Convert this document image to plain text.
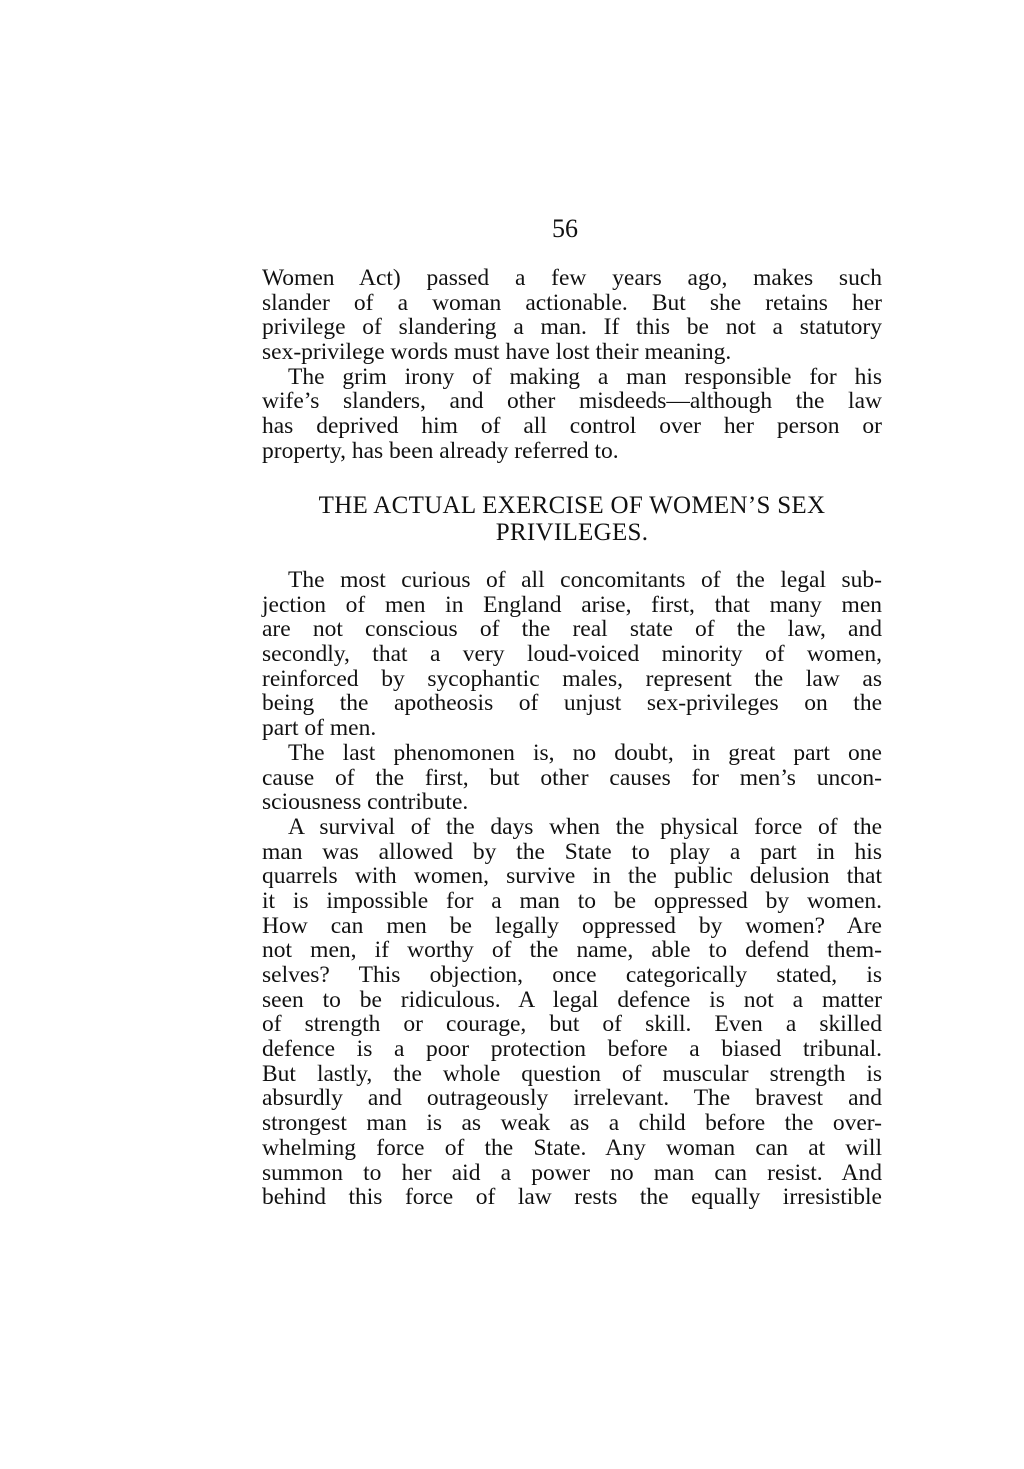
56
Women Act) passed a few years ago, makes such
slander of a woman actionable. But she retains her
privilege of slandering a man. If this be not a statutory
sex-privilege words must have lost their meaning.
The grim irony of making a man responsible for his
wife’s slanders, and other misdeeds—although the law
has deprived him of all control over her person or
property, has been already referred to.
THE ACTUAL EXERCISE OF WOMEN’S SEX
PRIVILEGES.
The most curious of all concomitants of the legal sub-
jection of men in England arise, first, that many men
are not conscious of the real state of the law, and
secondly, that a very loud-voiced minority of women,
reinforced by sycophantic males, represent the law as
being the apotheosis of unjust sex-privileges on the
part of men.
The last phenomonen is, no doubt, in great part one
cause of the first, but other causes for men’s uncon-
sciousness contribute.
A survival of the days when the physical force of the
man was allowed by the State to play a part in his
quarrels with women, survive in the public delusion that
it is impossible for a man to be oppressed by women.
How can men be legally oppressed by women? Are
not men, if worthy of the name, able to defend them-
selves? This objection, once categorically stated, is
seen to be ridiculous. A legal defence is not a matter
of strength or courage, but of skill. Even a skilled
defence is a poor protection before a biased tribunal.
But lastly, the whole question of muscular strength is
absurdly and outrageously irrelevant. The bravest and
strongest man is as weak as a child before the over-
whelming force of the State. Any woman can at will
summon to her aid a power no man can resist. And
behind this force of law rests the equally irresistible
